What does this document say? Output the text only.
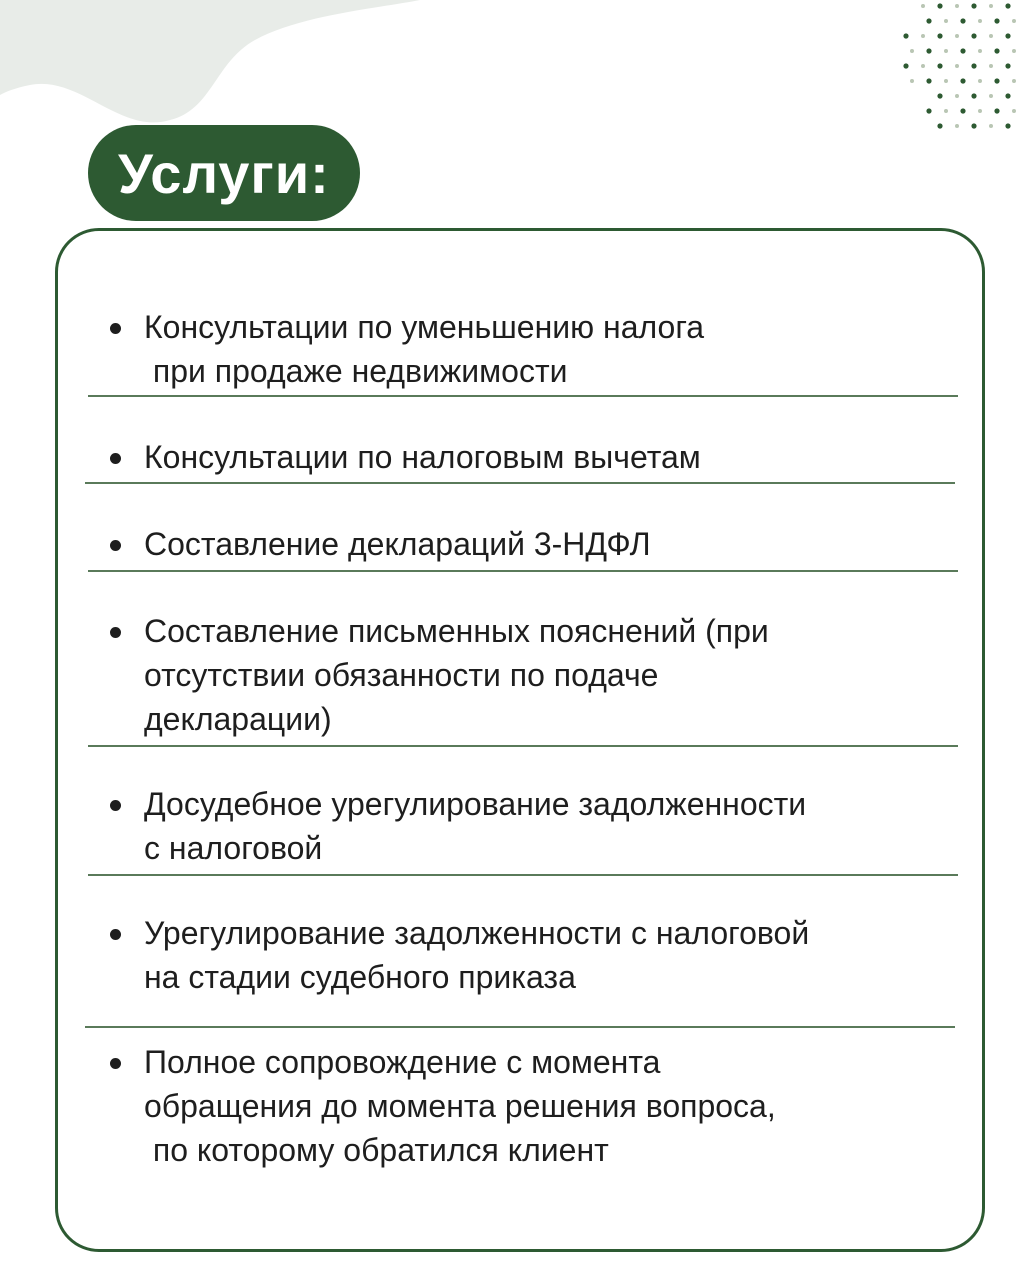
Услуги:
Консультации по уменьшению налога
при продаже недвижимости
Консультации по налоговым вычетам
Составление деклараций 3-НДФЛ
Составление письменных пояснений (при
отсутствии обязанности по подаче
декларации)
Досудебное урегулирование задолженности
с налоговой
Урегулирование задолженности с налоговой
на стадии судебного приказа
Полное сопровождение с момента
обращения до момента решения вопроса,
по которому обратился клиент
